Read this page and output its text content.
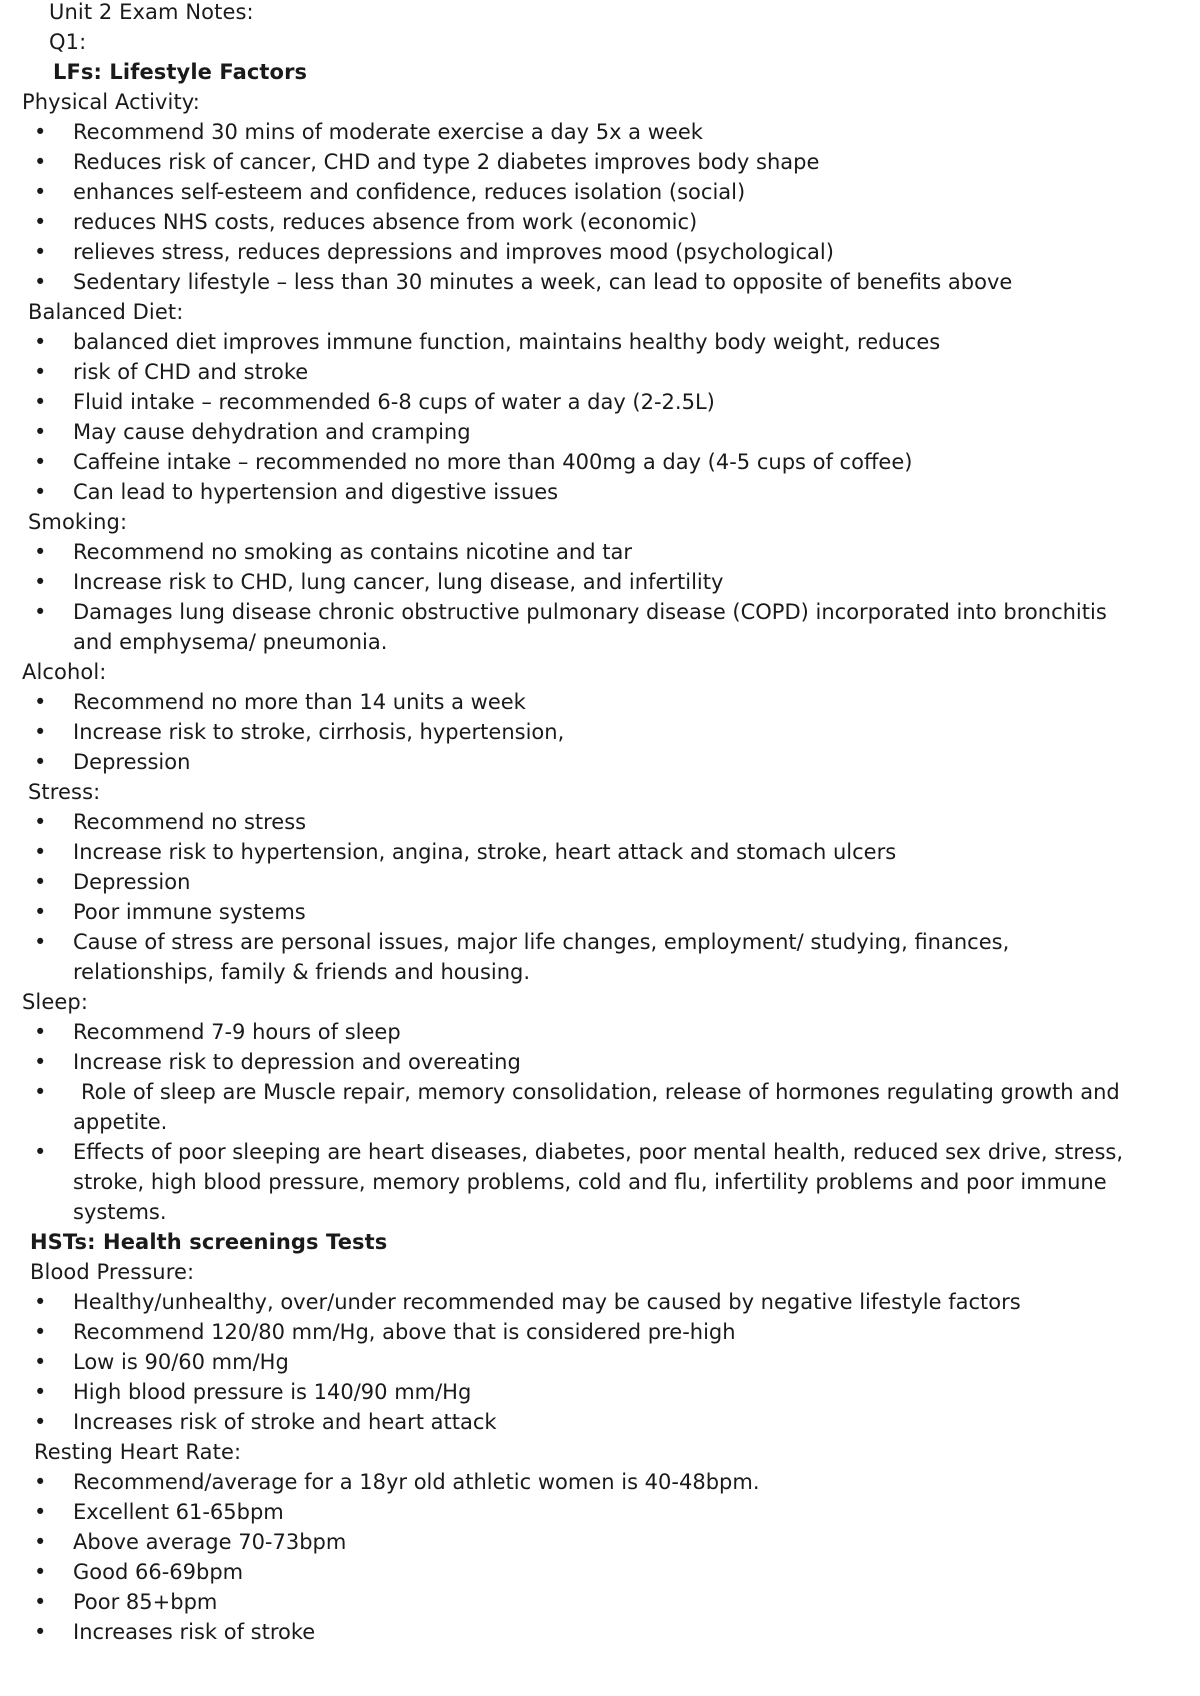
Unit 2 Exam Notes:
Q1:
LFs: Lifestyle Factors
Physical Activity:
• Recommend 30 mins of moderate exercise a day 5x a week
• Reduces risk of cancer, CHD and type 2 diabetes improves body shape
• enhances self-esteem and confidence, reduces isolation (social)
• reduces NHS costs, reduces absence from work (economic)
• relieves stress, reduces depressions and improves mood (psychological)
• Sedentary lifestyle – less than 30 minutes a week, can lead to opposite of benefits above
Balanced Diet:
• balanced diet improves immune function, maintains healthy body weight, reduces
• risk of CHD and stroke
• Fluid intake – recommended 6-8 cups of water a day (2-2.5L)
• May cause dehydration and cramping
• Caffeine intake – recommended no more than 400mg a day (4-5 cups of coffee)
• Can lead to hypertension and digestive issues
Smoking:
• Recommend no smoking as contains nicotine and tar
• Increase risk to CHD, lung cancer, lung disease, and infertility
• Damages lung disease chronic obstructive pulmonary disease (COPD) incorporated into bronchitis
and emphysema/ pneumonia.
Alcohol:
• Recommend no more than 14 units a week
• Increase risk to stroke, cirrhosis, hypertension,
• Depression
Stress:
• Recommend no stress
• Increase risk to hypertension, angina, stroke, heart attack and stomach ulcers
• Depression
• Poor immune systems
• Cause of stress are personal issues, major life changes, employment/ studying, finances,
relationships, family & friends and housing.
Sleep:
• Recommend 7-9 hours of sleep
• Increase risk to depression and overeating
• Role of sleep are Muscle repair, memory consolidation, release of hormones regulating growth and
appetite.
• Effects of poor sleeping are heart diseases, diabetes, poor mental health, reduced sex drive, stress,
stroke, high blood pressure, memory problems, cold and flu, infertility problems and poor immune
systems.
HSTs: Health screenings Tests
Blood Pressure:
• Healthy/unhealthy, over/under recommended may be caused by negative lifestyle factors
• Recommend 120/80 mm/Hg, above that is considered pre-high
• Low is 90/60 mm/Hg
• High blood pressure is 140/90 mm/Hg
• Increases risk of stroke and heart attack
Resting Heart Rate:
• Recommend/average for a 18yr old athletic women is 40-48bpm.
• Excellent 61-65bpm
• Above average 70-73bpm
• Good 66-69bpm
• Poor 85+bpm
• Increases risk of stroke
